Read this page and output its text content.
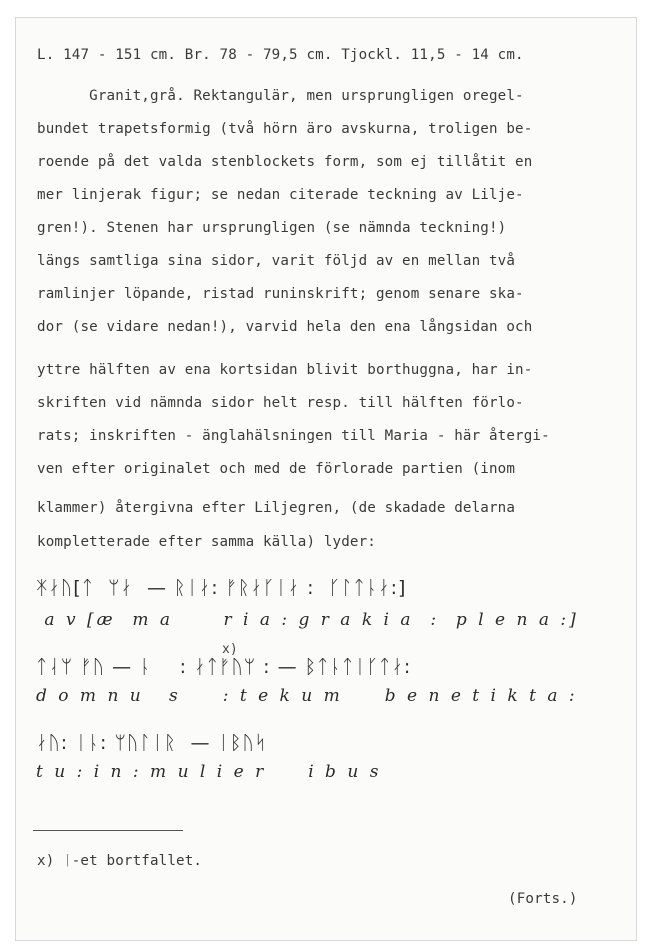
L. 147 - 151 cm. Br. 78 - 79,5 cm. Tjockl. 11,5 - 14 cm.
Granit,grå. Rektangulär, men ursprungligen oregel-
bundet trapetsformig (två hörn äro avskurna, troligen be-
roende på det valda stenblockets form, som ej tillåtit en
mer linjerak figur; se nedan citerade teckning av Lilje-
gren!). Stenen har ursprungligen (se nämnda teckning!)
längs samtliga sina sidor, varit följd av en mellan två
ramlinjer löpande, ristad runinskrift; genom senare ska-
dor (se vidare nedan!), varvid hela den ena långsidan och
yttre hälften av ena kortsidan blivit borthuggna, har in-
skriften vid nämnda sidor helt resp. till hälften förlo-
rats; inskriften - änglahälsningen till Maria - här återgi-
ven efter originalet och med de förlorade partien (inom
klammer) återgivna efter Liljegren, (de skadade delarna
kompletterade efter samma källa) lyder:
ᛡᛅᚢ[ᛏ  ᛘᛅ  — ᚱᛁᛅ: ᚠᚱᛅᚴᛁᛅ :  ᚴᛚᛏᚿᛅ:]
a v [æ  m a      r i a : g r a k i a  :  p l e n a :]
x)
ᛏᛆᛘ ᚠᚢ — ᚿ    : ᛅᛏᚠᚢᛘ : — ᛒᛏᚿᛏᛁᚴᛏᛅ:
d o m n u   s     : t e k u m     b e n e t i k t a :
ᛅᚢ: ᛁᚿ: ᛘᚢᛚᛁᚱ  — ᛁᛒᚢᛋ
t u : i n : m u l i e r     i b u s
x) ᛁ-et bortfallet.
(Forts.)
